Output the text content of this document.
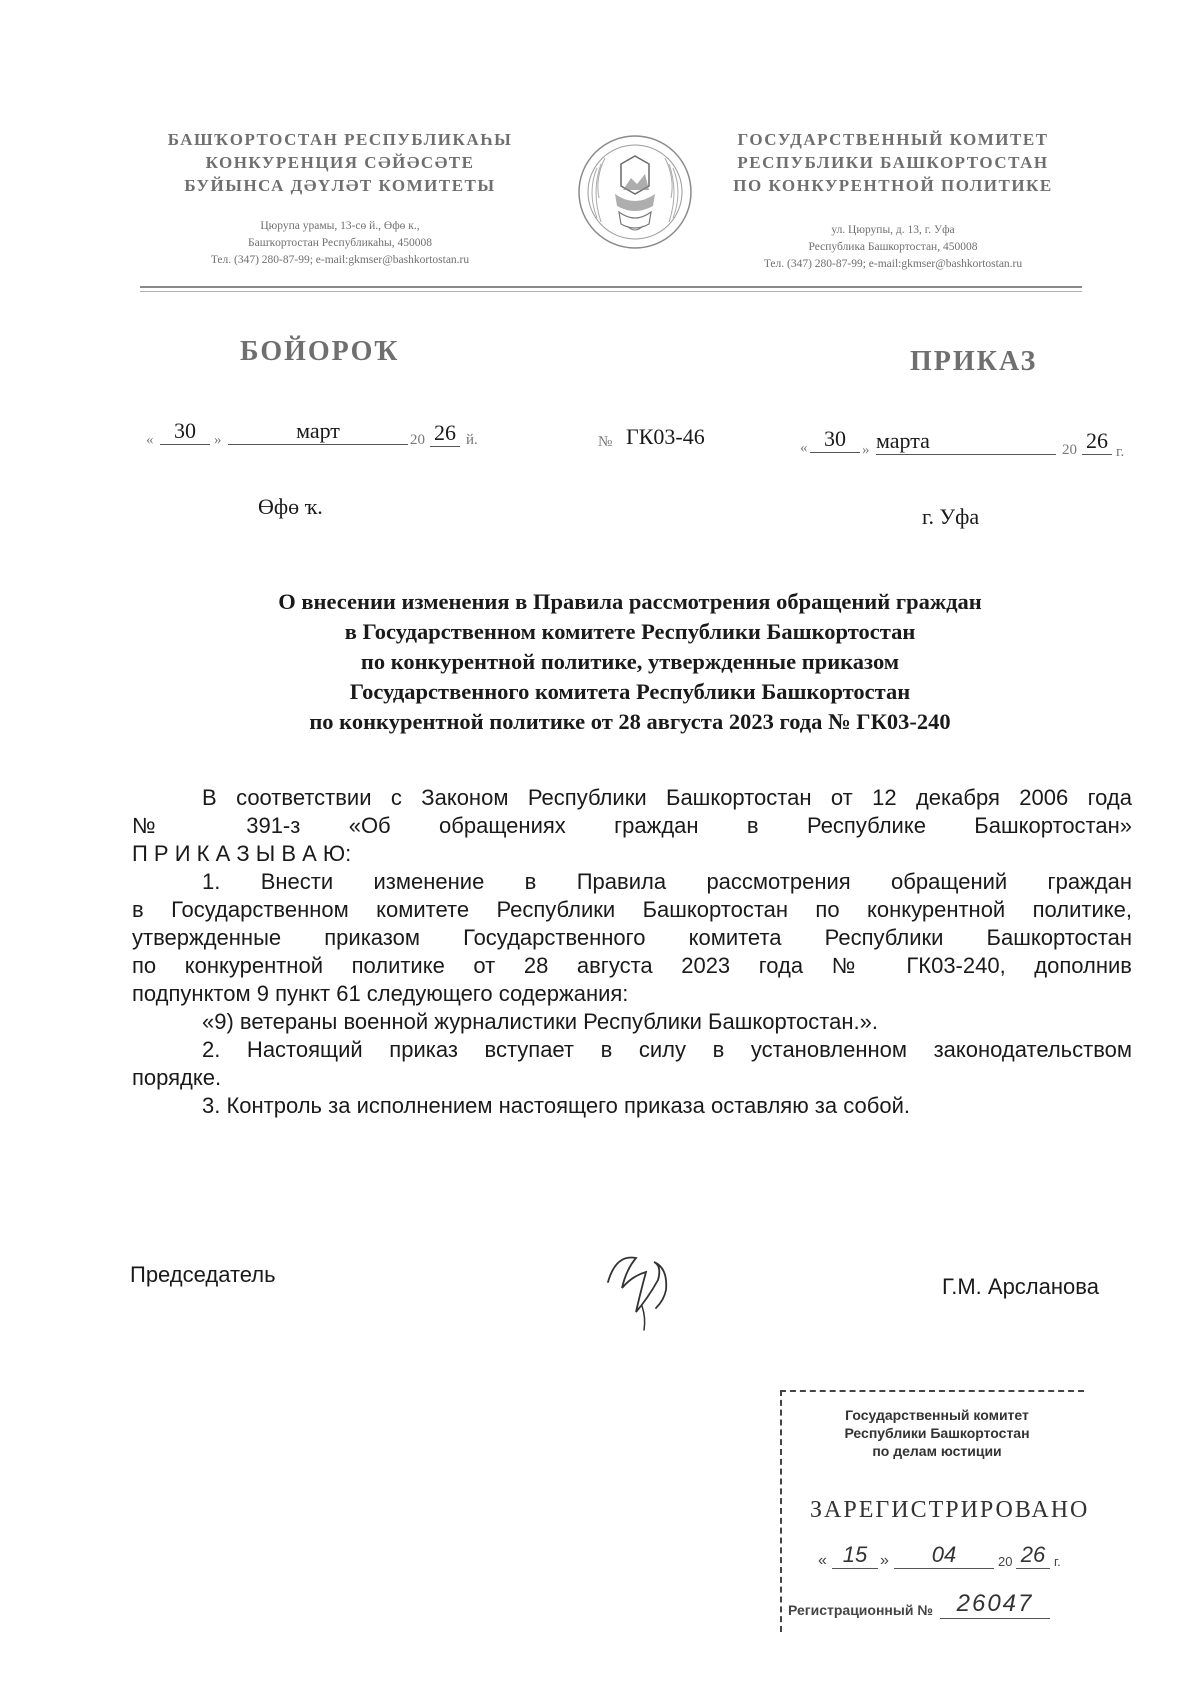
БАШҠОРТОСТАН РЕСПУБЛИКАҺЫ
КОНКУРЕНЦИЯ СӘЙӘСӘТЕ
БУЙЫНСА ДӘҮЛӘТ КОМИТЕТЫ
Цюрупа урамы, 13-сө й., Өфө к.,
Башҡортостан Республикаһы, 450008
Тел. (347) 280-87-99; e-mail:gkmser@bashkortostan.ru
ГОСУДАРСТВЕННЫЙ КОМИТЕТ
РЕСПУБЛИКИ БАШКОРТОСТАН
ПО КОНКУРЕНТНОЙ ПОЛИТИКЕ
ул. Цюрупы, д. 13, г. Уфа
Республика Башкортостан, 450008
Тел. (347) 280-87-99; e-mail:gkmser@bashkortostan.ru
БОЙОРОҠ	ПРИКАЗ
« 30	»	март	20 26 й.	№ ГК03-46	« 30	» марта	20 26 г.
Өфө ҡ.	г. Уфа
О внесении изменения в Правила рассмотрения обращений граждан
в Государственном комитете Республики Башкортостан
по конкурентной политике, утвержденные приказом
Государственного комитета Республики Башкортостан
по конкурентной политике от 28 августа 2023 года № ГК03-240
В соответствии с Законом Республики Башкортостан от 12 декабря 2006 года
№ 391-з «Об обращениях граждан в Республике Башкортостан»
П Р И К А З Ы В А Ю:
1. Внести изменение в Правила рассмотрения обращений граждан
в Государственном комитете Республики Башкортостан по конкурентной политике,
утвержденные приказом Государственного комитета Республики Башкортостан
по конкурентной политике от 28 августа 2023 года № ГК03-240, дополнив
подпунктом 9 пункт 61 следующего содержания:
«9) ветераны военной журналистики Республики Башкортостан.».
2. Настоящий приказ вступает в силу в установленном законодательством
порядке.
3. Контроль за исполнением настоящего приказа оставляю за собой.
Председатель	Г.М. Арсланова
Государственный комитет
Республики Башкортостан
по делам юстиции
ЗАРЕГИСТРИРОВАНО
« 15 »	04	20 26 г.
Регистрационный № 26047
